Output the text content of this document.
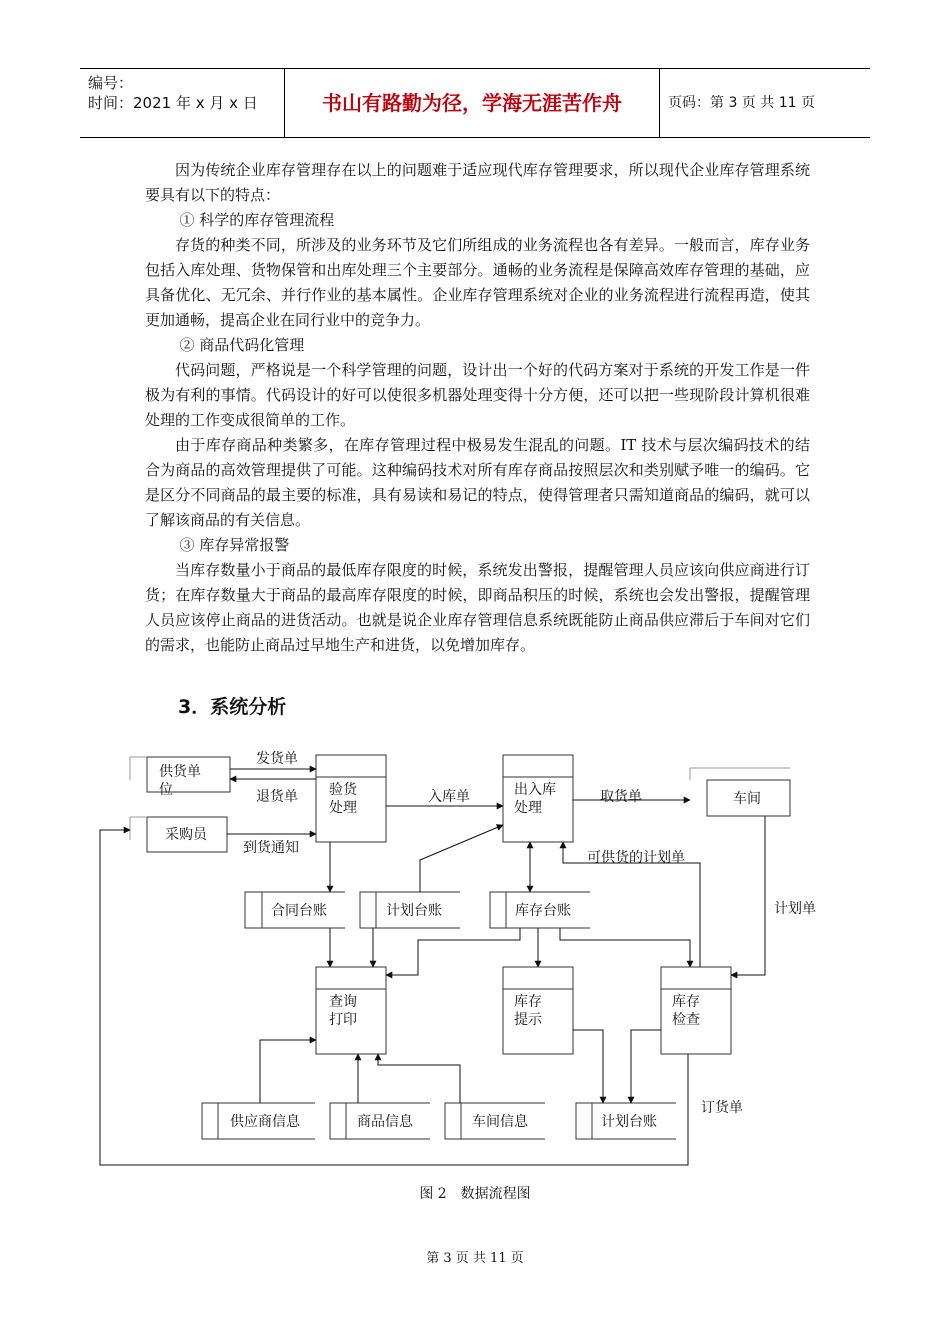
编号：
时间：2021 年 x 月 x 日	书山有路勤为径，学海无涯苦作舟	页码：第 3 页 共 11 页

因为传统企业库存管理存在以上的问题难于适应现代库存管理要求，所以现代企业库存管理系统要具有以下的特点：

① 科学的库存管理流程

存货的种类不同，所涉及的业务环节及它们所组成的业务流程也各有差异。一般而言，库存业务包括入库处理、货物保管和出库处理三个主要部分。通畅的业务流程是保障高效库存管理的基础，应具备优化、无冗余、并行作业的基本属性。企业库存管理系统对企业的业务流程进行流程再造，使其更加通畅，提高企业在同行业中的竞争力。

② 商品代码化管理

代码问题，严格说是一个科学管理的问题，设计出一个好的代码方案对于系统的开发工作是一件极为有利的事情。代码设计的好可以使很多机器处理变得十分方便，还可以把一些现阶段计算机很难处理的工作变成很简单的工作。

由于库存商品种类繁多，在库存管理过程中极易发生混乱的问题。IT 技术与层次编码技术的结合为商品的高效管理提供了可能。这种编码技术对所有库存商品按照层次和类别赋予唯一的编码。它是区分不同商品的最主要的标准，具有易读和易记的特点，使得管理者只需知道商品的编码，就可以了解该商品的有关信息。

③ 库存异常报警

当库存数量小于商品的最低库存限度的时候，系统发出警报，提醒管理人员应该向供应商进行订货；在库存数量大于商品的最高库存限度的时候，即商品积压的时候，系统也会发出警报，提醒管理人员应该停止商品的进货活动。也就是说企业库存管理信息系统既能防止商品供应滞后于车间对它们的需求，也能防止商品过早地生产和进货，以免增加库存。

3．系统分析
供货单
位
采购员
车间
验货
处理
出入库
处理
查询
打印
库存
提示
库存
检查
合同台账	计划台账	库存台账
供应商信息	商品信息	车间信息	计划台账
发货单
退货单
到货通知
入库单	取货单
可供货的计划单
计划单
订货单
图 2　数据流程图
第 3 页 共 11 页
